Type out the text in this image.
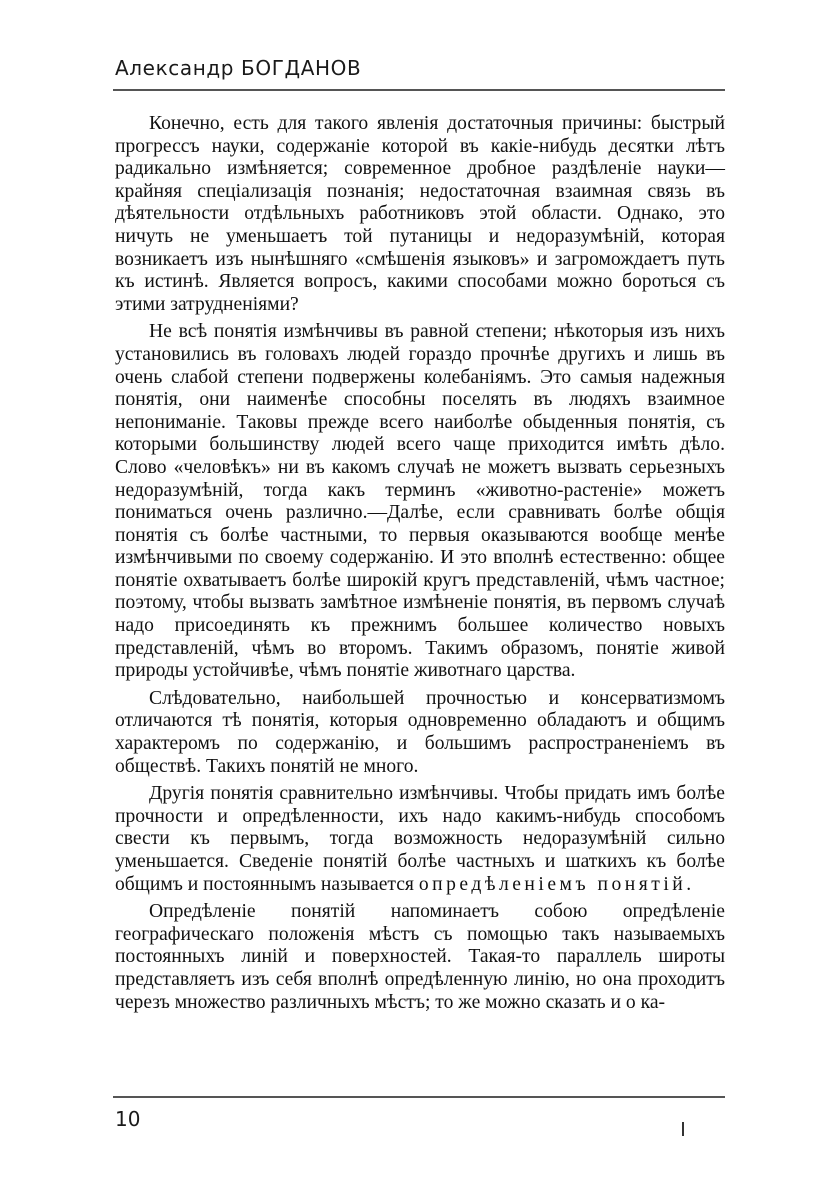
Александр БОГДАНОВ

Конечно, есть для такого явленія достаточныя причины: быстрый прогрессъ науки, содержаніе которой въ какіе-нибудь десятки лѣтъ радикально измѣняется; современное дробное раздѣленіе науки—крайняя спеціализація познанія; недостаточная взаимная связь въ дѣятельности отдѣльныхъ работниковъ этой области. Однако, это ничуть не уменьшаетъ той путаницы и недоразумѣній, которая возникаетъ изъ нынѣшняго «смѣшенія языковъ» и загромождаетъ путь къ истинѣ. Является вопросъ, какими способами можно бороться съ этими затрудненіями?

Не всѣ понятія измѣнчивы въ равной степени; нѣкоторыя изъ нихъ установились въ головахъ людей гораздо прочнѣе другихъ и лишь въ очень слабой степени подвержены колебаніямъ. Это самыя надежныя понятія, они наименѣе способны поселять въ людяхъ взаимное непониманіе. Таковы прежде всего наиболѣе обыденныя понятія, съ которыми большинству людей всего чаще приходится имѣть дѣло. Слово «человѣкъ» ни въ какомъ случаѣ не можетъ вызвать серьезныхъ недоразумѣній, тогда какъ терминъ «животно-растеніе» можетъ пониматься очень различно.—Далѣе, если сравнивать болѣе общія понятія съ болѣе частными, то первыя оказываются вообще менѣе измѣнчивыми по своему содержанію. И это вполнѣ естественно: общее понятіе охватываетъ болѣе широкій кругъ представленій, чѣмъ частное; поэтому, чтобы вызвать замѣтное измѣненіе понятія, въ первомъ случаѣ надо присоединять къ прежнимъ большее количество новыхъ представленій, чѣмъ во второмъ. Такимъ образомъ, понятіе живой природы устойчивѣе, чѣмъ понятіе животнаго царства.

Слѣдовательно, наибольшей прочностью и консерватизмомъ отличаются тѣ понятія, которыя одновременно обладаютъ и общимъ характеромъ по содержанію, и большимъ распространеніемъ въ обществѣ. Такихъ понятій не много.

Другія понятія сравнительно измѣнчивы. Чтобы придать имъ болѣе прочности и опредѣленности, ихъ надо какимъ-нибудь способомъ свести къ первымъ, тогда возможность недоразумѣній сильно уменьшается. Сведеніе понятій болѣе частныхъ и шаткихъ къ болѣе общимъ и постояннымъ называется опредѣленіемъ понятій.

Опредѣленіе понятій напоминаетъ собою опредѣленіе географическаго положенія мѣстъ съ помощью такъ называемыхъ постоянныхъ линій и поверхностей. Такая-то параллель широты представляетъ изъ себя вполнѣ опредѣленную линію, но она проходитъ черезъ множество различныхъ мѣстъ; то же можно сказать и о ка-

10
